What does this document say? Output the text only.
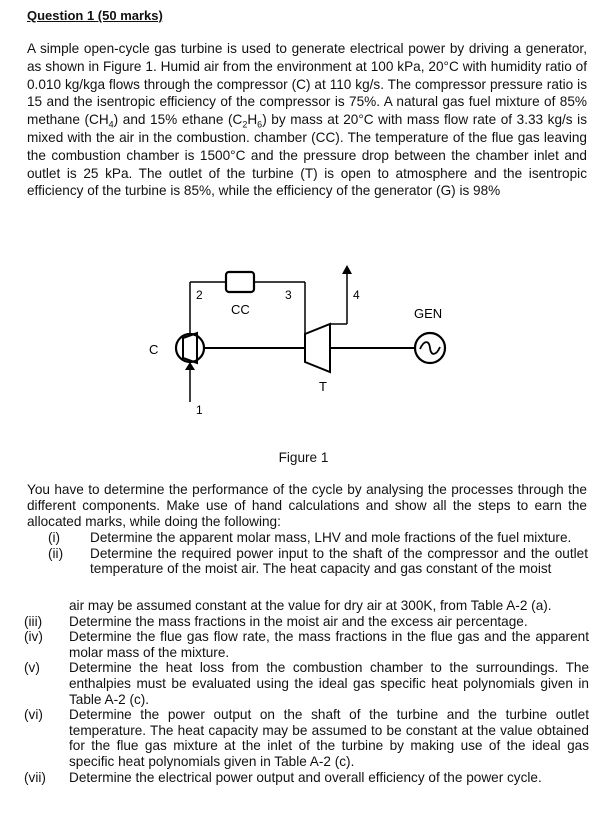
Question 1 (50 marks)

A simple open-cycle gas turbine is used to generate electrical power by driving a generator, as shown in Figure 1. Humid air from the environment at 100 kPa, 20°C with humidity ratio of 0.010 kg/kga flows through the compressor (C) at 110 kg/s. The compressor pressure ratio is 15 and the isentropic efficiency of the compressor is 75%. A natural gas fuel mixture of 85% methane $(CH_4)$ and 15% ethane $(C_2H_6)$ by mass at 20°C with mass flow rate of 3.33 kg/s is mixed with the air in the combustion. chamber (CC). The temperature of the flue gas leaving the combustion chamber is 1500°C and the pressure drop between the chamber inlet and outlet is 25 kPa. The outlet of the turbine (T) is open to atmosphere and the isentropic efficiency of the turbine is 85%, while the efficiency of the generator (G) is 98%

2
CC
3	4
GEN
C
T
1
Figure 1

You have to determine the performance of the cycle by analysing the processes through the different components. Make use of hand calculations and show all the steps to earn the allocated marks, while doing the following:

(i)	Determine the apparent molar mass, LHV and mole fractions of the fuel mixture.
(ii)	Determine the required power input to the shaft of the compressor and the outlet temperature of the moist air. The heat capacity and gas constant of the moist
air may be assumed constant at the value for dry air at 300K, from Table A-2 (a).
(iii)	Determine the mass fractions in the moist air and the excess air percentage.
(iv)	Determine the flue gas flow rate, the mass fractions in the flue gas and the apparent molar mass of the mixture.
(v)	Determine the heat loss from the combustion chamber to the surroundings. The enthalpies must be evaluated using the ideal gas specific heat polynomials given in Table A-2 (c).
(vi)	Determine the power output on the shaft of the turbine and the turbine outlet temperature. The heat capacity may be assumed to be constant at the value obtained for the flue gas mixture at the inlet of the turbine by making use of the ideal gas specific heat polynomials given in Table A-2 (c).
(vii)	Determine the electrical power output and overall efficiency of the power cycle.
